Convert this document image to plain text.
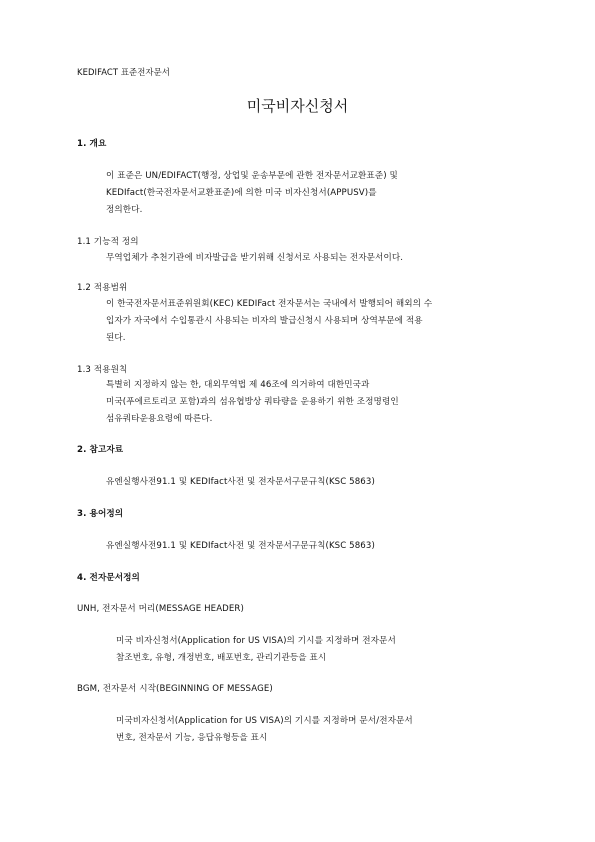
KEDIFACT 표준전자문서
미국비자신청서
1. 개요
이 표준은 UN/EDIFACT(행정, 상업및 운송부문에 관한 전자문서교환표준) 및
KEDIfact(한국전자문서교환표준)에 의한 미국 비자신청서(APPUSV)를
정의한다.
1.1 기능적 정의
무역업체가 추천기관에 비자발급을 받기위해 신청서로 사용되는 전자문서이다.
1.2 적용범위
이 한국전자문서표준위원회(KEC) KEDIFact 전자문서는 국내에서 발행되어 해외의 수
입자가 자국에서 수입통관시 사용되는 비자의 발급신청시 사용되며 상역부문에 적용
된다.
1.3 적용원칙
특별히 지정하지 않는 한, 대외무역법 제 46조에 의거하여 대한민국과
미국(푸에르토리코 포함)과의 섬유협방상 쿼타량을 운용하기 위한 조정명령인
섬유쿼타운용요령에 따른다.
2. 참고자료
유엔실행사전91.1 및 KEDIfact사전 및 전자문서구문규칙(KSC 5863)
3. 용어정의
유엔실행사전91.1 및 KEDIfact사전 및 전자문서구문규칙(KSC 5863)
4. 전자문서정의
UNH, 전자문서 머리(MESSAGE HEADER)
미국 비자신청서(Application for US VISA)의 기시를 지정하며 전자문서
참조번호, 유형, 개정번호, 배포번호, 관리기관등을 표시
BGM, 전자문서 시작(BEGINNING OF MESSAGE)
미국비자신청서(Application for US VISA)의 기시를 지정하며 문서/전자문서
번호, 전자문서 기능, 응답유형등을 표시
